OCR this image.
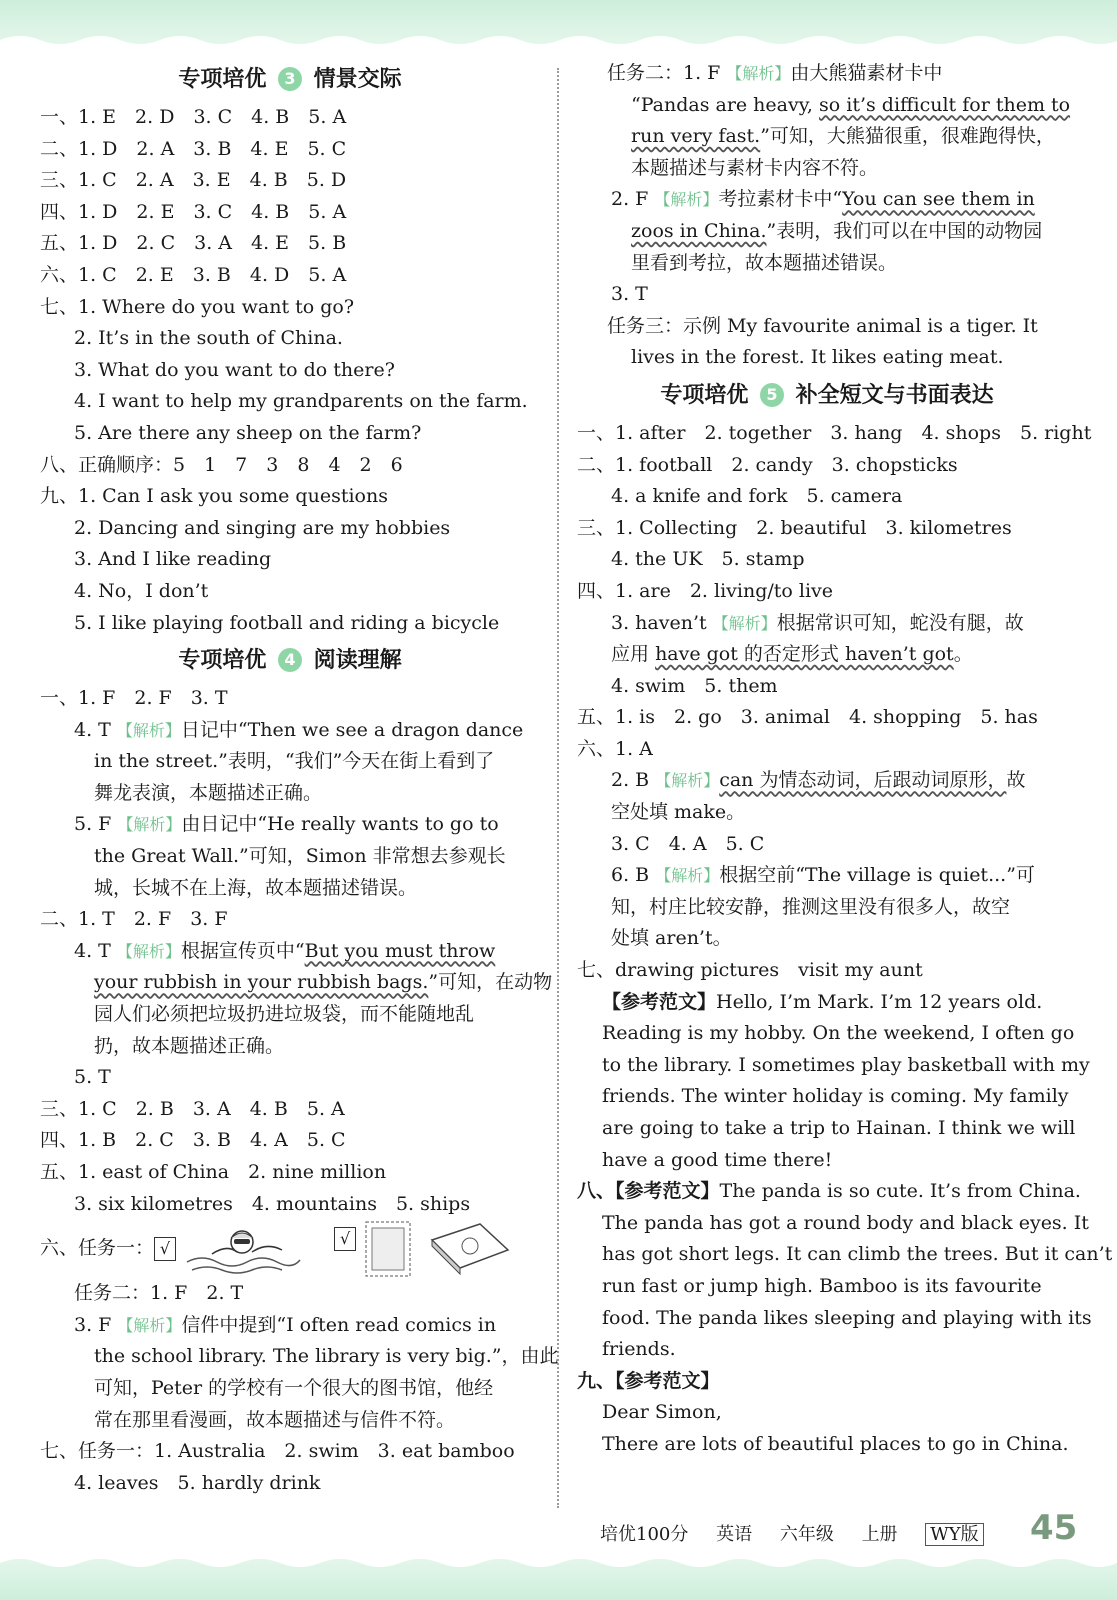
专项培优 3 情景交际
一、1. E　2. D　3. C　4. B　5. A
二、1. D　2. A　3. B　4. E　5. C
三、1. C　2. A　3. E　4. B　5. D
四、1. D　2. E　3. C　4. B　5. A
五、1. D　2. C　3. A　4. E　5. B
六、1. C　2. E　3. B　4. D　5. A
七、1. Where do you want to go?
2. It’s in the south of China.
3. What do you want to do there?
4. I want to help my grandparents on the farm.
5. Are there any sheep on the farm?
八、正确顺序：5　1　7　3　8　4　2　6
九、1. Can I ask you some questions
2. Dancing and singing are my hobbies
3. And I like reading
4. No，I don’t
5. I like playing football and riding a bicycle
专项培优 4 阅读理解
一、1. F　2. F　3. T
4. T 【解析】日记中“Then we see a dragon dance
in the street.”表明，“我们”今天在街上看到了
舞龙表演，本题描述正确。
5. F 【解析】由日记中“He really wants to go to
the Great Wall.”可知，Simon 非常想去参观长
城，长城不在上海，故本题描述错误。
二、1. T　2. F　3. F
4. T 【解析】根据宣传页中“But you must throw
your rubbish in your rubbish bags.”可知，在动物
园人们必须把垃圾扔进垃圾袋，而不能随地乱
扔，故本题描述正确。
5. T
三、1. C　2. B　3. A　4. B　5. A
四、1. B　2. C　3. B　4. A　5. C
五、1. east of China　2. nine million
3. six kilometres　4. mountains　5. ships
六、任务一： √   √
任务二：1. F　2. T
3. F 【解析】信件中提到“I often read comics in
the school library. The library is very big.”，由此
可知，Peter 的学校有一个很大的图书馆，他经
常在那里看漫画，故本题描述与信件不符。
七、任务一：1. Australia　2. swim　3. eat bamboo
4. leaves　5. hardly drink
任务二：1. F 【解析】由大熊猫素材卡中
“Pandas are heavy, so it’s difficult for them to
run very fast.”可知，大熊猫很重，很难跑得快，
本题描述与素材卡内容不符。
2. F 【解析】考拉素材卡中“You can see them in
zoos in China.”表明，我们可以在中国的动物园
里看到考拉，故本题描述错误。
3. T
任务三：示例 My favourite animal is a tiger. It
lives in the forest. It likes eating meat.
专项培优 5 补全短文与书面表达
一、1. after　2. together　3. hang　4. shops　5. right
二、1. football　2. candy　3. chopsticks
4. a knife and fork　5. camera
三、1. Collecting　2. beautiful　3. kilometres
4. the UK　5. stamp
四、1. are　2. living/to live
3. haven’t 【解析】根据常识可知，蛇没有腿，故
应用 have got 的否定形式 haven’t got。
4. swim　5. them
五、1. is　2. go　3. animal　4. shopping　5. has
六、1. A
2. B 【解析】can 为情态动词，后跟动词原形，故
空处填 make。
3. C　4. A　5. C
6. B 【解析】根据空前“The village is quiet...”可
知，村庄比较安静，推测这里没有很多人，故空
处填 aren’t。
七、drawing pictures　visit my aunt
【参考范文】Hello, I’m Mark. I’m 12 years old.
Reading is my hobby. On the weekend, I often go
to the library. I sometimes play basketball with my
friends. The winter holiday is coming. My family
are going to take a trip to Hainan. I think we will
have a good time there!
八、【参考范文】The panda is so cute. It’s from China.
The panda has got a round body and black eyes. It
has got short legs. It can climb the trees. But it can’t
run fast or jump high. Bamboo is its favourite
food. The panda likes sleeping and playing with its
friends.
九、【参考范文】
Dear Simon,
There are lots of beautiful places to go in China.
培优100分 英语 六年级 上册 WY版	45
